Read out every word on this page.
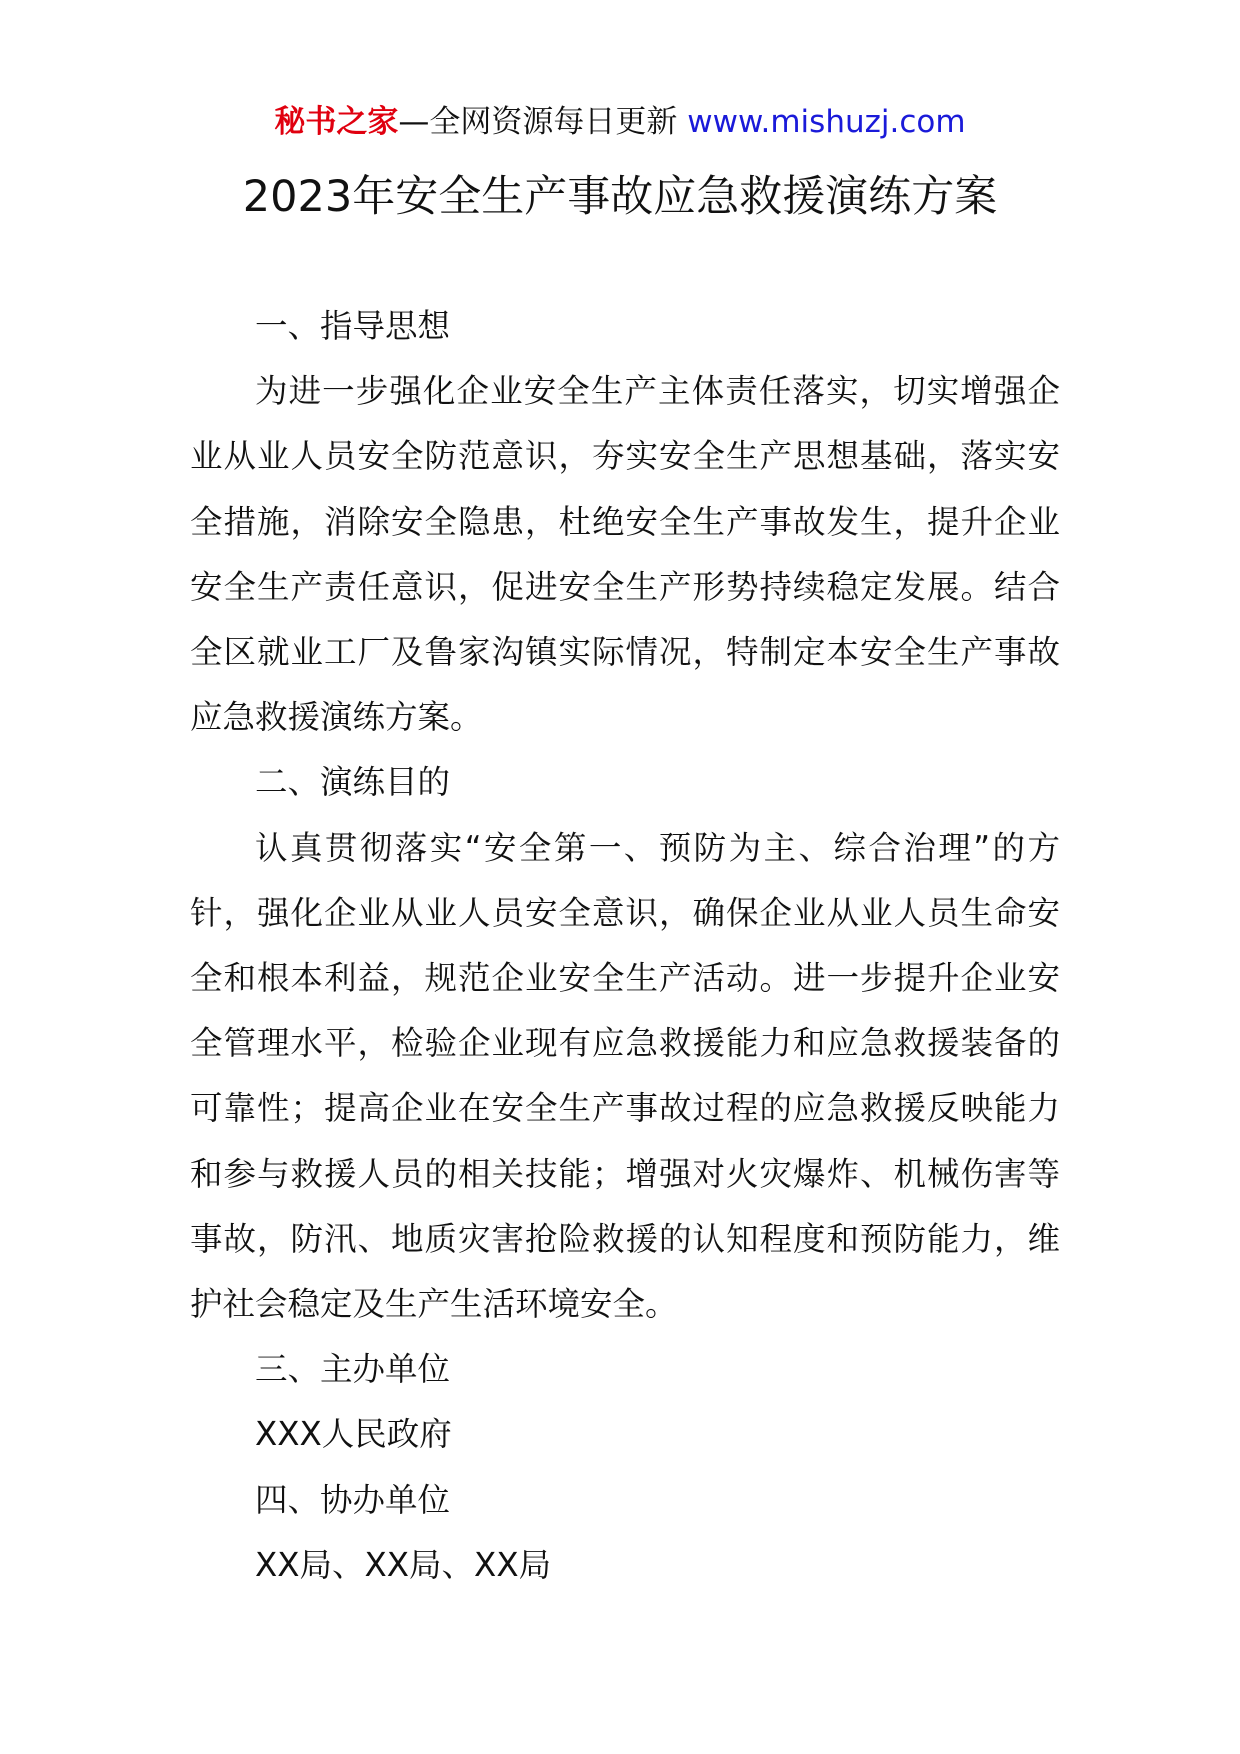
秘书之家—全网资源每日更新 www.mishuzj.com
2023年安全生产事故应急救援演练方案

一、指导思想

为进一步强化企业安全生产主体责任落实，切实增强企业从业人员安全防范意识，夯实安全生产思想基础，落实安全措施，消除安全隐患，杜绝安全生产事故发生，提升企业安全生产责任意识，促进安全生产形势持续稳定发展。结合全区就业工厂及鲁家沟镇实际情况，特制定本安全生产事故应急救援演练方案。

二、演练目的

认真贯彻落实“安全第一、预防为主、综合治理”的方针，强化企业从业人员安全意识，确保企业从业人员生命安全和根本利益，规范企业安全生产活动。进一步提升企业安全管理水平，检验企业现有应急救援能力和应急救援装备的可靠性；提高企业在安全生产事故过程的应急救援反映能力和参与救援人员的相关技能；增强对火灾爆炸、机械伤害等事故，防汛、地质灾害抢险救援的认知程度和预防能力，维护社会稳定及生产生活环境安全。

三、主办单位

XXX人民政府

四、协办单位

XX局、XX局、XX局
